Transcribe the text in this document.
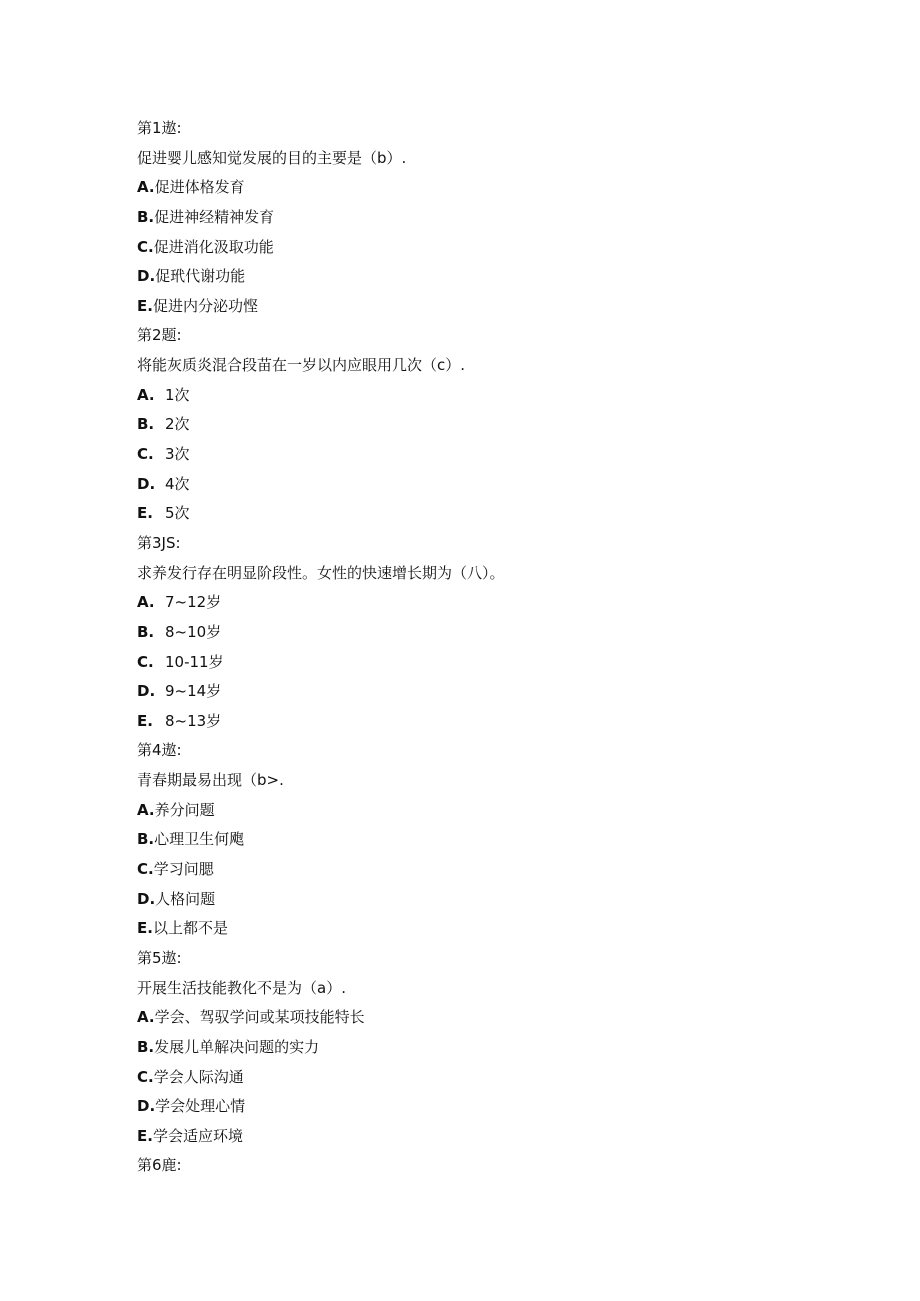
第1遨:
促进婴儿感知觉发展的目的主要是（b）.
A.促进体格发育
B.促进神经精神发育
C.促进消化汲取功能
D.促玳代谢功能
E.促进内分泌功悭
第2题:
将能灰质炎混合段苗在一岁以内应眼用几次（c）.
A. 1次
B. 2次
C. 3次
D. 4次
E. 5次
第3JS:
求养发行存在明显阶段性。女性的快速增长期为（八）。
A. 7~12岁
B. 8~10岁
C. 10-11岁
D. 9~14岁
E. 8~13岁
第4遨:
青春期最易出现（b>.
A.养分问题
B.心理卫生何飑
C.学习问腮
D.人格问题
E.以上都不是
第5遨:
开展生活技能教化不是为（a）.
A.学会、驾驭学问或某项技能特长
B.发展儿单解决问题的实力
C.学会人际沟通
D.学会处理心情
E.学会适应环境
第6鹿:
